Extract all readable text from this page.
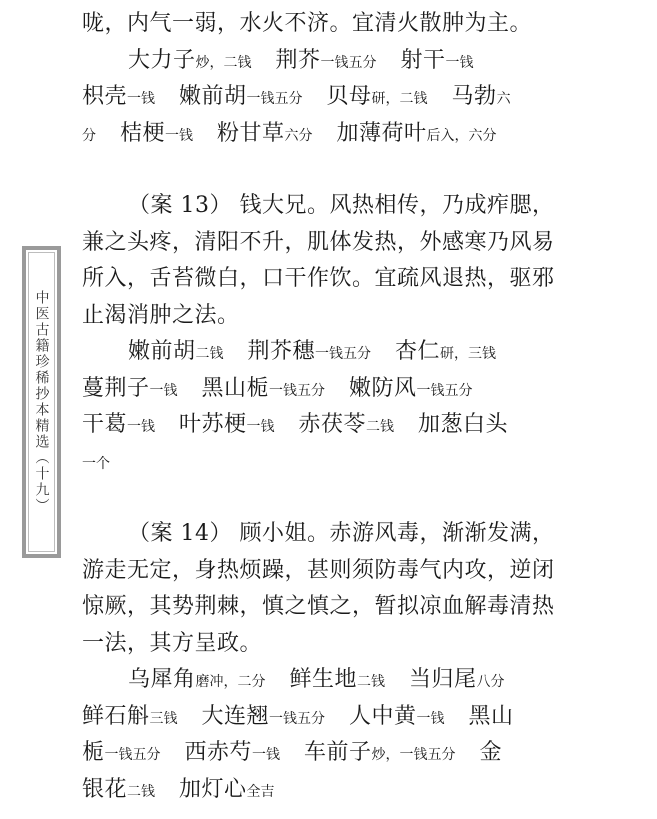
中医古籍珍稀抄本精选（十九）
咙，内气一弱，水火不济。宜清火散肿为主。
大力子炒，二钱 荆芥一钱五分 射干一钱
枳壳一钱 嫩前胡一钱五分 贝母研，二钱 马勃六
分 桔梗一钱 粉甘草六分 加薄荷叶后入，六分
（案 13） 钱大兄。风热相传，乃成痄腮，
兼之头疼，清阳不升，肌体发热，外感寒乃风易
所入，舌苔微白，口干作饮。宜疏风退热，驱邪
止渴消肿之法。
嫩前胡二钱 荆芥穗一钱五分 杏仁研，三钱
蔓荆子一钱 黑山栀一钱五分 嫩防风一钱五分
干葛一钱 叶苏梗一钱 赤茯苓二钱 加葱白头
一个
（案 14） 顾小姐。赤游风毒，渐渐发满，
游走无定，身热烦躁，甚则须防毒气内攻，逆闭
惊厥，其势荆棘，慎之慎之，暂拟凉血解毒清热
一法，其方呈政。
乌犀角磨冲，二分 鲜生地二钱 当归尾八分
鲜石斛三钱 大连翘一钱五分 人中黄一钱 黑山
栀一钱五分 西赤芍一钱 车前子炒，一钱五分 金
银花二钱 加灯心全吉
